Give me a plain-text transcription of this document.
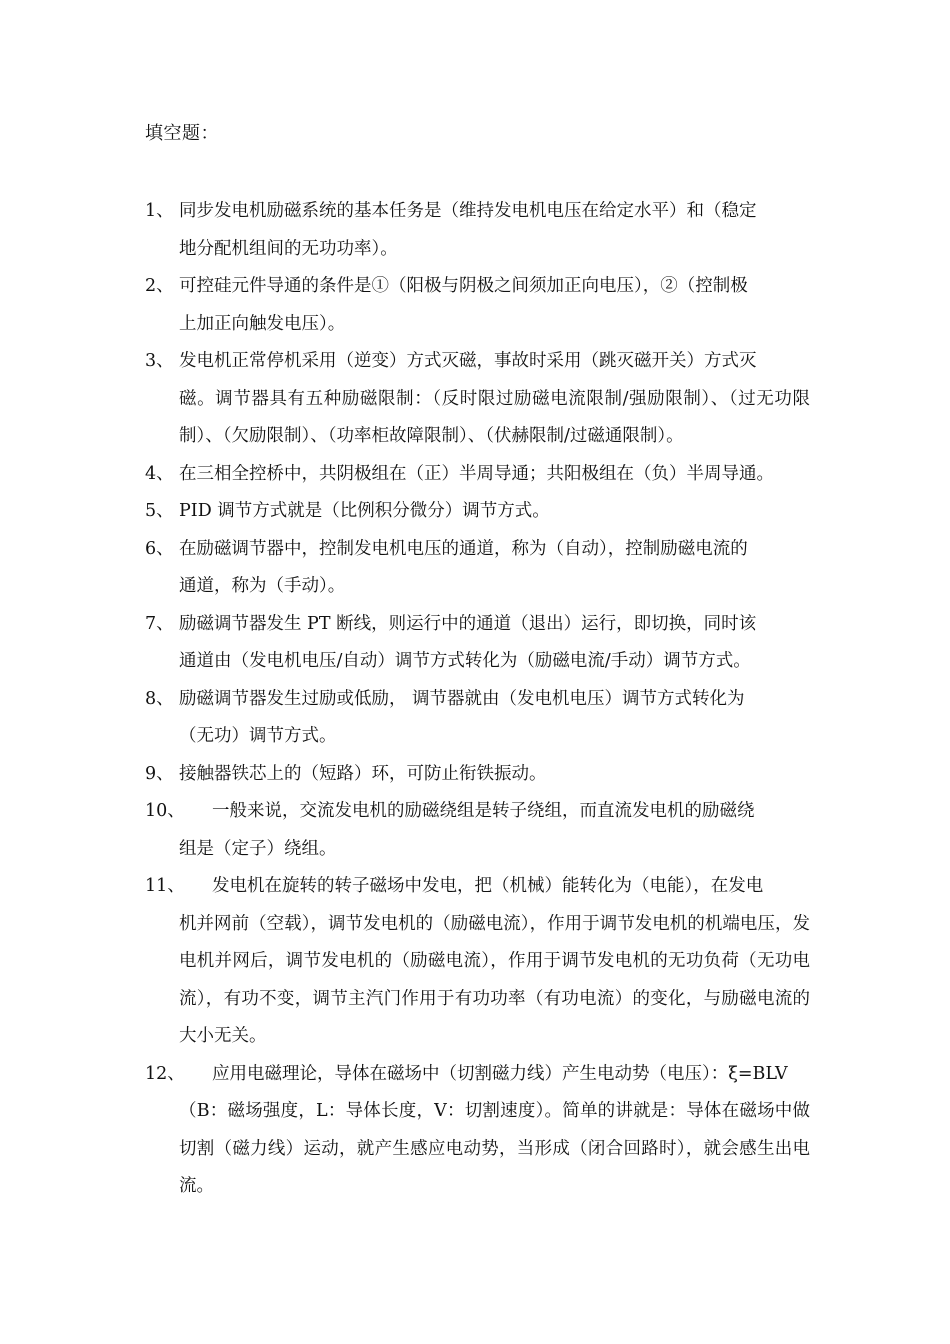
填空题：
1、 同步发电机励磁系统的基本任务是（维持发电机电压在给定水平）和（稳定
地分配机组间的无功功率）。
2、 可控硅元件导通的条件是①（阳极与阴极之间须加正向电压），②（控制极
上加正向触发电压）。
3、 发电机正常停机采用（逆变）方式灭磁，事故时采用（跳灭磁开关）方式灭
磁。调节器具有五种励磁限制：（反时限过励磁电流限制/强励限制）、（过无功限制）、（欠励限制）、（功率柜故障限制）、（伏赫限制/过磁通限制）。
4、 在三相全控桥中，共阴极组在（正）半周导通；共阳极组在（负）半周导通。
5、 PID 调节方式就是（比例积分微分）调节方式。
6、 在励磁调节器中，控制发电机电压的通道，称为（自动），控制励磁电流的
通道，称为（手动）。
7、 励磁调节器发生 PT 断线，则运行中的通道（退出）运行，即切换，同时该
通道由（发电机电压/自动）调节方式转化为（励磁电流/手动）调节方式。
8、 励磁调节器发生过励或低励， 调节器就由（发电机电压）调节方式转化为
（无功）调节方式。
9、 接触器铁芯上的（短路）环，可防止衔铁振动。
10、	一般来说，交流发电机的励磁绕组是转子绕组，而直流发电机的励磁绕
组是（定子）绕组。
11、	发电机在旋转的转子磁场中发电，把（机械）能转化为（电能），在发电
机并网前（空载），调节发电机的（励磁电流），作用于调节发电机的机端电压，发电机并网后，调节发电机的（励磁电流），作用于调节发电机的无功负荷（无功电流），有功不变，调节主汽门作用于有功功率（有功电流）的变化，与励磁电流的大小无关。
12、	应用电磁理论，导体在磁场中（切割磁力线）产生电动势（电压）：ξ=BLV
（B：磁场强度，L：导体长度，V：切割速度）。简单的讲就是：导体在磁场中做切割（磁力线）运动，就产生感应电动势，当形成（闭合回路时），就会感生出电流。
